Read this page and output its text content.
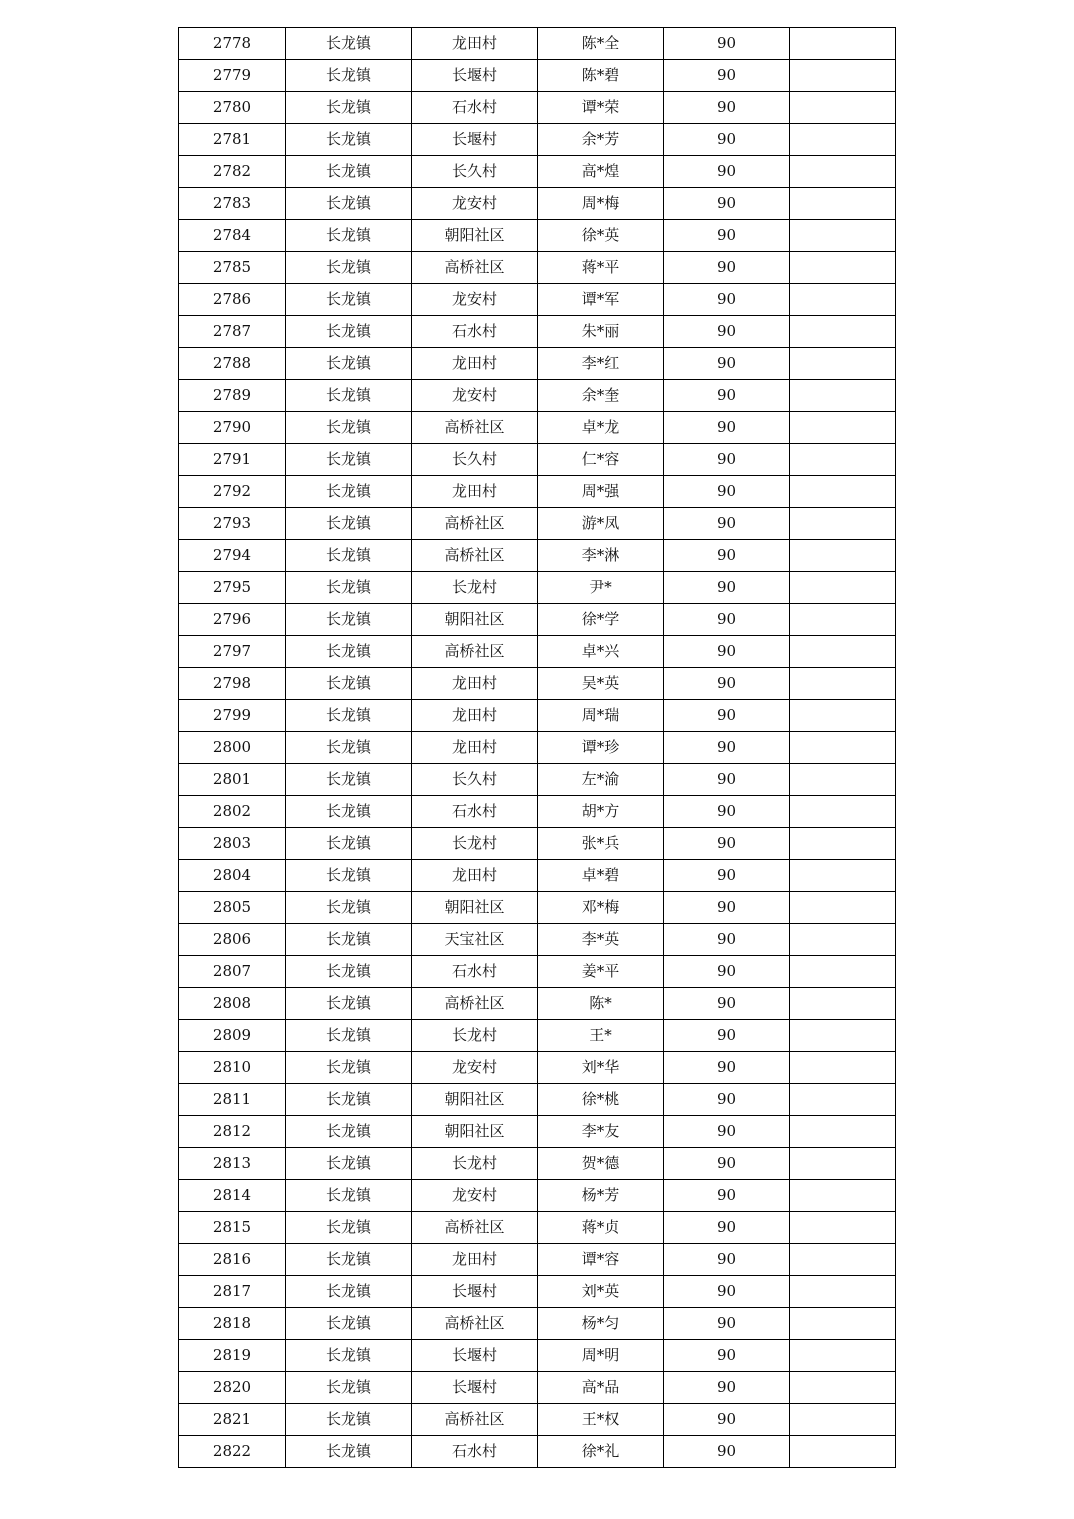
2778	长龙镇	龙田村	陈*全	90	
2779	长龙镇	长堰村	陈*碧	90	
2780	长龙镇	石水村	谭*荣	90	
2781	长龙镇	长堰村	余*芳	90	
2782	长龙镇	长久村	高*煌	90	
2783	长龙镇	龙安村	周*梅	90	
2784	长龙镇	朝阳社区	徐*英	90	
2785	长龙镇	高桥社区	蒋*平	90	
2786	长龙镇	龙安村	谭*军	90	
2787	长龙镇	石水村	朱*丽	90	
2788	长龙镇	龙田村	李*红	90	
2789	长龙镇	龙安村	余*奎	90	
2790	长龙镇	高桥社区	卓*龙	90	
2791	长龙镇	长久村	仁*容	90	
2792	长龙镇	龙田村	周*强	90	
2793	长龙镇	高桥社区	游*凤	90	
2794	长龙镇	高桥社区	李*淋	90	
2795	长龙镇	长龙村	尹*	90	
2796	长龙镇	朝阳社区	徐*学	90	
2797	长龙镇	高桥社区	卓*兴	90	
2798	长龙镇	龙田村	吴*英	90	
2799	长龙镇	龙田村	周*瑞	90	
2800	长龙镇	龙田村	谭*珍	90	
2801	长龙镇	长久村	左*渝	90	
2802	长龙镇	石水村	胡*方	90	
2803	长龙镇	长龙村	张*兵	90	
2804	长龙镇	龙田村	卓*碧	90	
2805	长龙镇	朝阳社区	邓*梅	90	
2806	长龙镇	天宝社区	李*英	90	
2807	长龙镇	石水村	姜*平	90	
2808	长龙镇	高桥社区	陈*	90	
2809	长龙镇	长龙村	王*	90	
2810	长龙镇	龙安村	刘*华	90	
2811	长龙镇	朝阳社区	徐*桃	90	
2812	长龙镇	朝阳社区	李*友	90	
2813	长龙镇	长龙村	贺*德	90	
2814	长龙镇	龙安村	杨*芳	90	
2815	长龙镇	高桥社区	蒋*贞	90	
2816	长龙镇	龙田村	谭*容	90	
2817	长龙镇	长堰村	刘*英	90	
2818	长龙镇	高桥社区	杨*匀	90	
2819	长龙镇	长堰村	周*明	90	
2820	长龙镇	长堰村	高*品	90	
2821	长龙镇	高桥社区	王*权	90	
2822	长龙镇	石水村	徐*礼	90	
